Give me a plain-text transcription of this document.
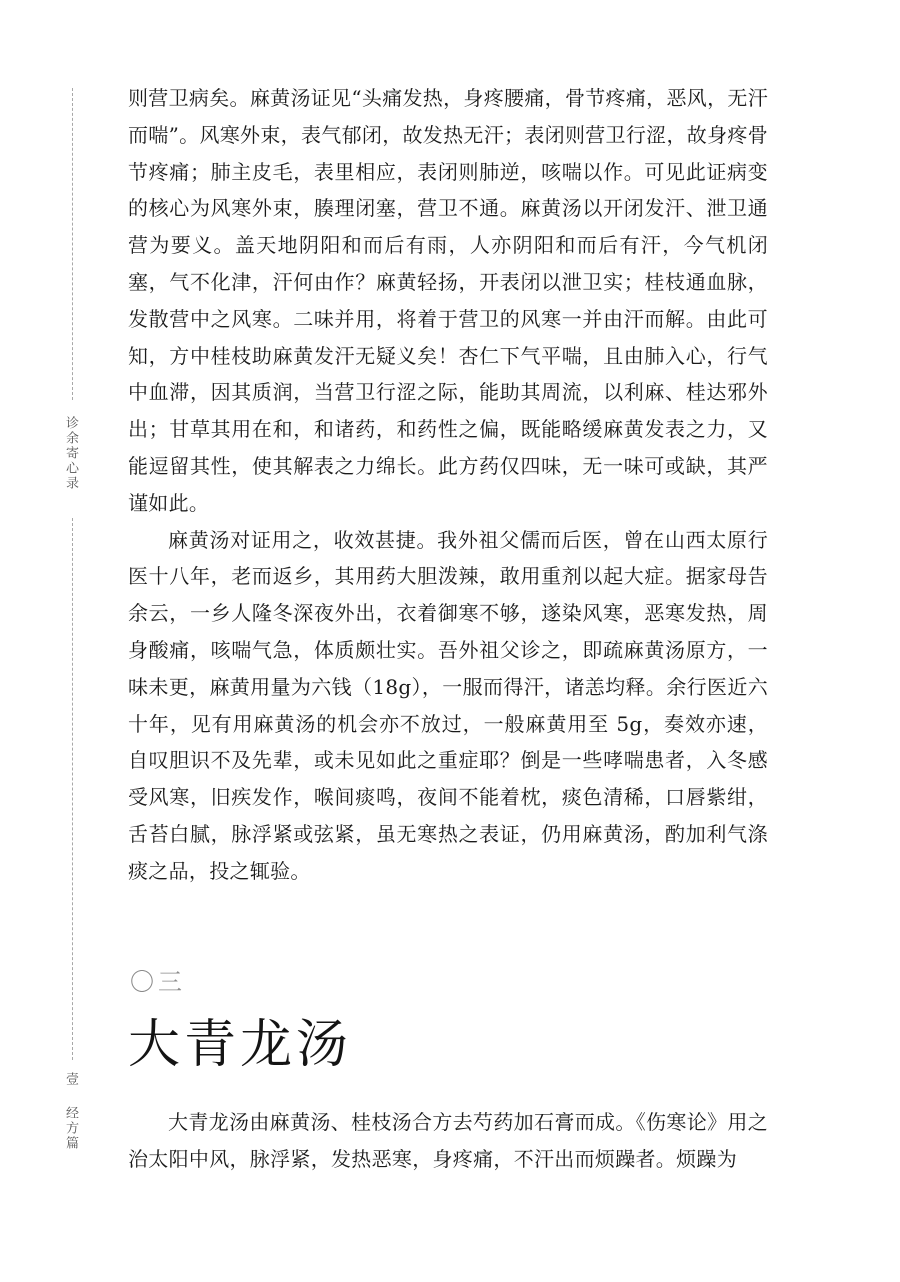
诊余寄心录
壹
经方篇

则营卫病矣。麻黄汤证见“头痛发热，身疼腰痛，骨节疼痛，恶风，无汗而喘”。风寒外束，表气郁闭，故发热无汗；表闭则营卫行涩，故身疼骨节疼痛；肺主皮毛，表里相应，表闭则肺逆，咳喘以作。可见此证病变的核心为风寒外束，腠理闭塞，营卫不通。麻黄汤以开闭发汗、泄卫通营为要义。盖天地阴阳和而后有雨，人亦阴阳和而后有汗，今气机闭塞，气不化津，汗何由作？麻黄轻扬，开表闭以泄卫实；桂枝通血脉，发散营中之风寒。二味并用，将着于营卫的风寒一并由汗而解。由此可知，方中桂枝助麻黄发汗无疑义矣！杏仁下气平喘，且由肺入心，行气中血滞，因其质润，当营卫行涩之际，能助其周流，以利麻、桂达邪外出；甘草其用在和，和诸药，和药性之偏，既能略缓麻黄发表之力，又能逗留其性，使其解表之力绵长。此方药仅四味，无一味可或缺，其严谨如此。

麻黄汤对证用之，收效甚捷。我外祖父儒而后医，曾在山西太原行医十八年，老而返乡，其用药大胆泼辣，敢用重剂以起大症。据家母告余云，一乡人隆冬深夜外出，衣着御寒不够，遂染风寒，恶寒发热，周身酸痛，咳喘气急，体质颇壮实。吾外祖父诊之，即疏麻黄汤原方，一味未更，麻黄用量为六钱（18g），一服而得汗，诸恙均释。余行医近六十年，见有用麻黄汤的机会亦不放过，一般麻黄用至 5g，奏效亦速，自叹胆识不及先辈，或未见如此之重症耶？倒是一些哮喘患者，入冬感受风寒，旧疾发作，喉间痰鸣，夜间不能着枕，痰色清稀，口唇紫绀，舌苔白腻，脉浮紧或弦紧，虽无寒热之表证，仍用麻黄汤，酌加利气涤痰之品，投之辄验。

〇三
大青龙汤

大青龙汤由麻黄汤、桂枝汤合方去芍药加石膏而成。《伤寒论》用之治太阳中风，脉浮紧，发热恶寒，身疼痛，不汗出而烦躁者。烦躁为
